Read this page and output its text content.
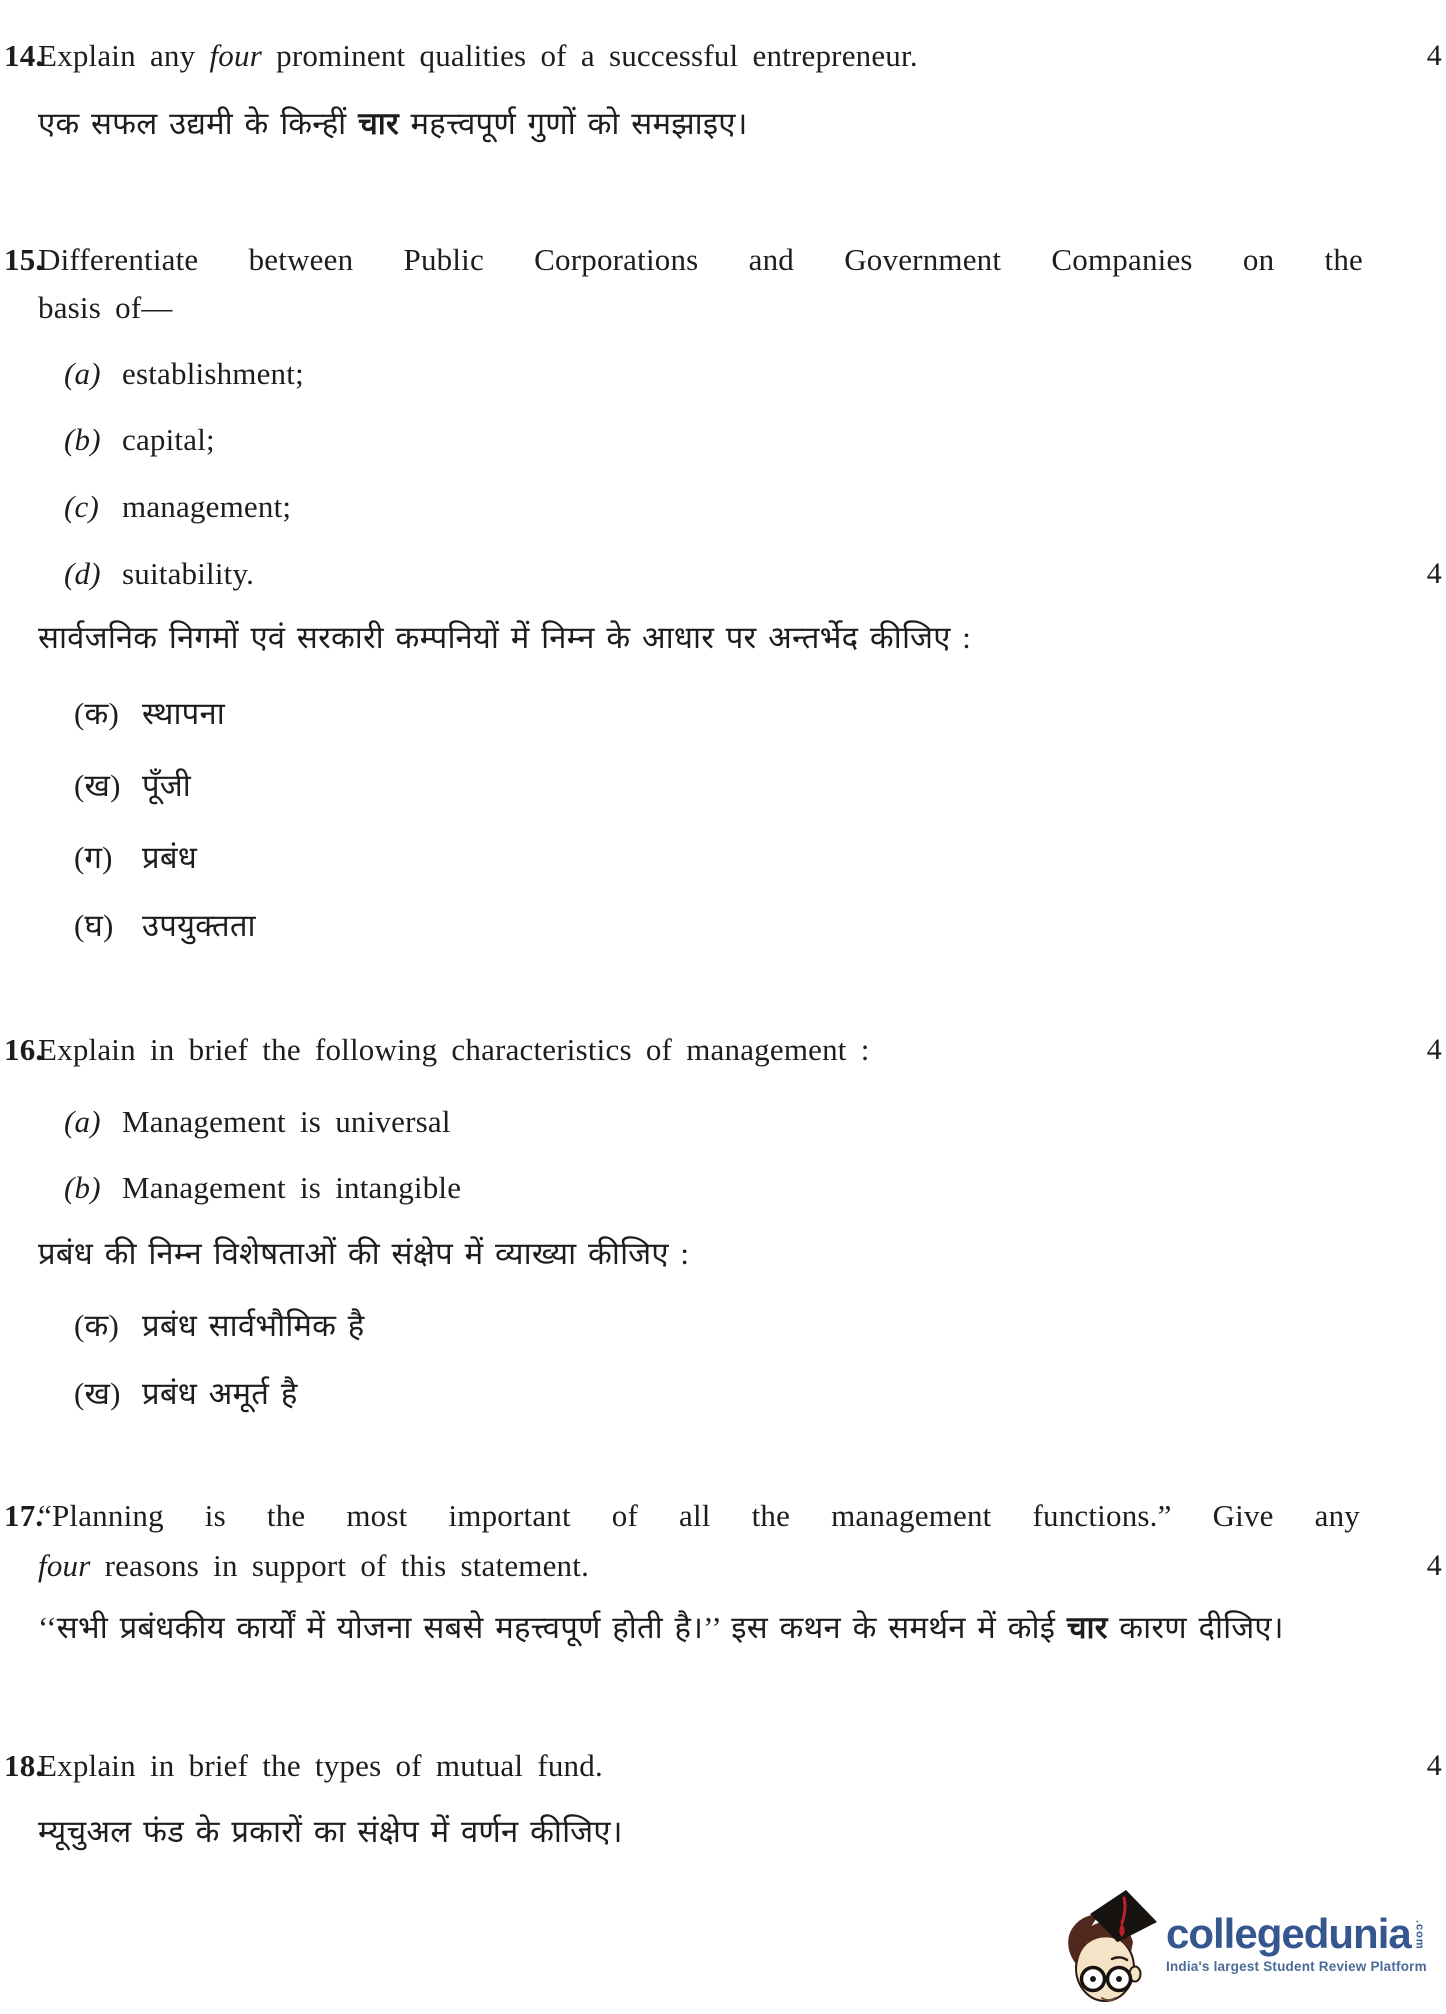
14.
Explain any four prominent qualities of a successful entrepreneur.	4
एक सफल उद्यमी के किन्हीं चार महत्त्वपूर्ण गुणों को समझाइए।
15.
Differentiate between Public Corporations and Government Companies on the
basis of—
(a) establishment;
(b) capital;
(c) management;
(d) suitability.	4
सार्वजनिक निगमों एवं सरकारी कम्पनियों में निम्न के आधार पर अन्तर्भेद कीजिए :
(क) स्थापना
(ख) पूँजी
(ग) प्रबंध
(घ) उपयुक्तता
16.
Explain in brief the following characteristics of management :	4
(a) Management is universal
(b) Management is intangible
प्रबंध की निम्न विशेषताओं की संक्षेप में व्याख्या कीजिए :
(क) प्रबंध सार्वभौमिक है
(ख) प्रबंध अमूर्त है
17.
“Planning is the most important of all the management functions.” Give any
four reasons in support of this statement.	4
‘‘सभी प्रबंधकीय कार्यों में योजना सबसे महत्त्वपूर्ण होती है।’’ इस कथन के समर्थन में कोई चार कारण दीजिए।
18.
Explain in brief the types of mutual fund.	4
म्यूचुअल फंड के प्रकारों का संक्षेप में वर्णन कीजिए।
collegedunia .com
India's largest Student Review Platform
